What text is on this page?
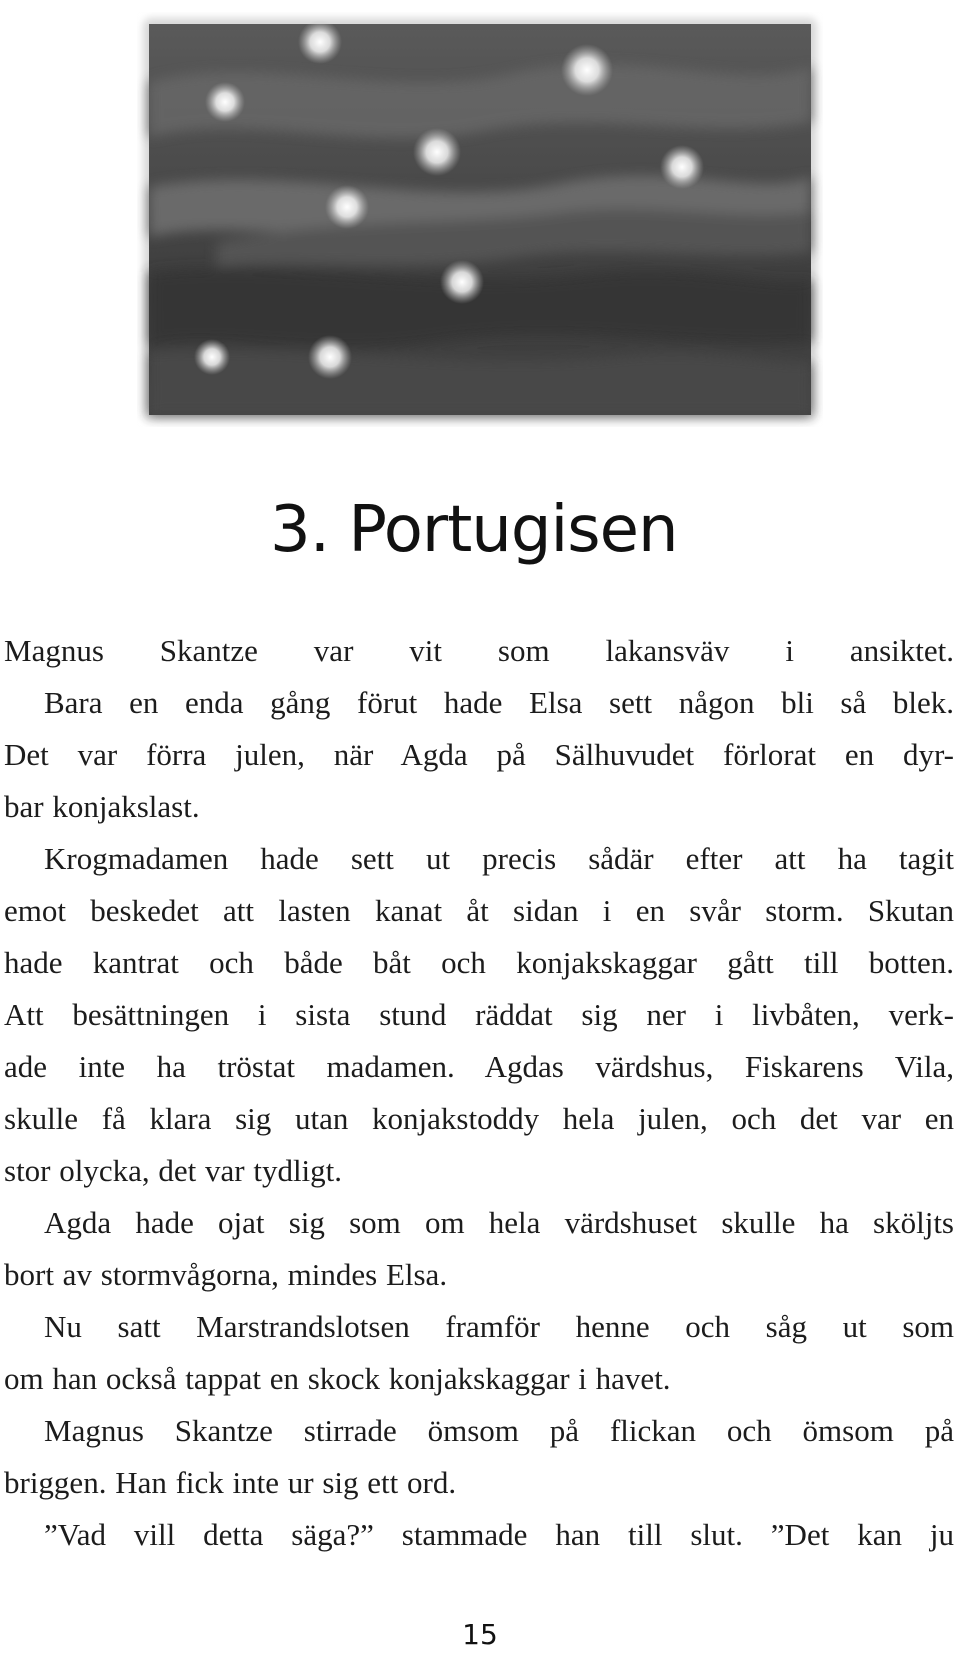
3. Portugisen
Magnus Skantze var vit som lakansväv i ansiktet.
Bara en enda gång förut hade Elsa sett någon bli så blek.
Det var förra julen, när Agda på Sälhuvudet förlorat en dyr-
bar konjakslast.
Krogmadamen hade sett ut precis sådär efter att ha tagit
emot beskedet att lasten kanat åt sidan i en svår storm. Skutan
hade kantrat och både båt och konjakskaggar gått till botten.
Att besättningen i sista stund räddat sig ner i livbåten, verk-
ade inte ha tröstat madamen. Agdas värdshus, Fiskarens Vila,
skulle få klara sig utan konjakstoddy hela julen, och det var en
stor olycka, det var tydligt.
Agda hade ojat sig som om hela värdshuset skulle ha sköljts
bort av stormvågorna, mindes Elsa.
Nu satt Marstrandslotsen framför henne och såg ut som
om han också tappat en skock konjakskaggar i havet.
Magnus Skantze stirrade ömsom på flickan och ömsom på
briggen. Han fick inte ur sig ett ord.
”Vad vill detta säga?” stammade han till slut. ”Det kan ju
15
